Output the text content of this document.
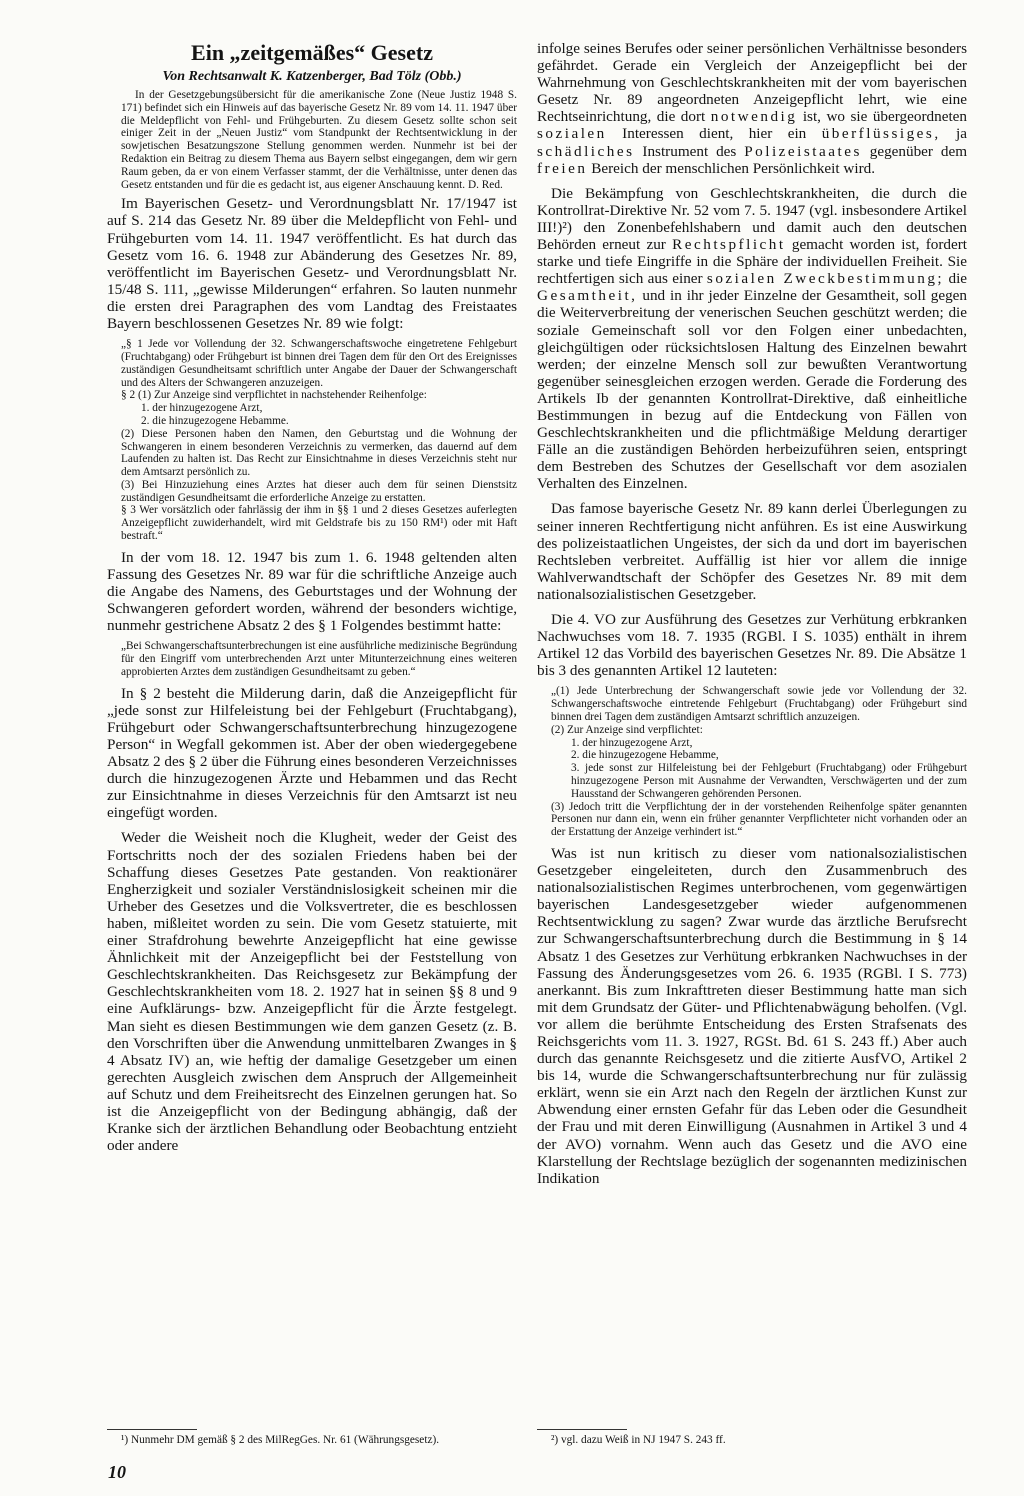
Ein „zeitgemäßes“ Gesetz
Von Rechtsanwalt K. Katzenberger, Bad Tölz (Obb.)

In der Gesetzgebungsübersicht für die amerikanische Zone (Neue Justiz 1948 S. 171) befindet sich ein Hinweis auf das bayerische Gesetz Nr. 89 vom 14. 11. 1947 über die Meldepflicht von Fehl- und Frühgeburten. Zu diesem Gesetz sollte schon seit einiger Zeit in der „Neuen Justiz“ vom Standpunkt der Rechtsentwicklung in der sowjetischen Besatzungszone Stellung genommen werden. Nunmehr ist bei der Redaktion ein Beitrag zu diesem Thema aus Bayern selbst eingegangen, dem wir gern Raum geben, da er von einem Verfasser stammt, der die Verhältnisse, unter denen das Gesetz entstanden und für die es gedacht ist, aus eigener Anschauung kennt. D. Red.

Im Bayerischen Gesetz- und Verordnungsblatt Nr. 17/1947 ist auf S. 214 das Gesetz Nr. 89 über die Meldepflicht von Fehl- und Frühgeburten vom 14. 11. 1947 veröffentlicht. Es hat durch das Gesetz vom 16. 6. 1948 zur Abänderung des Gesetzes Nr. 89, veröffentlicht im Bayerischen Gesetz- und Verordnungsblatt Nr. 15/48 S. 111, „gewisse Milderungen“ erfahren. So lauten nunmehr die ersten drei Paragraphen des vom Landtag des Freistaates Bayern beschlossenen Gesetzes Nr. 89 wie folgt:

„§ 1 Jede vor Vollendung der 32. Schwangerschaftswoche eingetretene Fehlgeburt (Fruchtabgang) oder Frühgeburt ist binnen drei Tagen dem für den Ort des Ereignisses zuständigen Gesundheitsamt schriftlich unter Angabe der Dauer der Schwangerschaft und des Alters der Schwangeren anzuzeigen.

§ 2 (1) Zur Anzeige sind verpflichtet in nachstehender Reihenfolge:

1. der hinzugezogene Arzt,

2. die hinzugezogene Hebamme.

(2) Diese Personen haben den Namen, den Geburtstag und die Wohnung der Schwangeren in einem besonderen Verzeichnis zu vermerken, das dauernd auf dem Laufenden zu halten ist. Das Recht zur Einsichtnahme in dieses Verzeichnis steht nur dem Amtsarzt persönlich zu.

(3) Bei Hinzuziehung eines Arztes hat dieser auch dem für seinen Dienstsitz zuständigen Gesundheitsamt die erforderliche Anzeige zu erstatten.

§ 3 Wer vorsätzlich oder fahrlässig der ihm in §§ 1 und 2 dieses Gesetzes auferlegten Anzeigepflicht zuwiderhandelt, wird mit Geldstrafe bis zu 150 RM¹) oder mit Haft bestraft.“

In der vom 18. 12. 1947 bis zum 1. 6. 1948 geltenden alten Fassung des Gesetzes Nr. 89 war für die schriftliche Anzeige auch die Angabe des Namens, des Geburtstages und der Wohnung der Schwangeren gefordert worden, während der besonders wichtige, nunmehr gestrichene Absatz 2 des § 1 Folgendes bestimmt hatte:

„Bei Schwangerschaftsunterbrechungen ist eine ausführliche medizinische Begründung für den Eingriff vom unterbrechenden Arzt unter Mitunterzeichnung eines weiteren approbierten Arztes dem zuständigen Gesundheitsamt zu geben.“

In § 2 besteht die Milderung darin, daß die Anzeigepflicht für „jede sonst zur Hilfeleistung bei der Fehlgeburt (Fruchtabgang), Frühgeburt oder Schwangerschaftsunterbrechung hinzugezogene Person“ in Wegfall gekommen ist. Aber der oben wiedergegebene Absatz 2 des § 2 über die Führung eines besonderen Verzeichnisses durch die hinzugezogenen Ärzte und Hebammen und das Recht zur Einsichtnahme in dieses Verzeichnis für den Amtsarzt ist neu eingefügt worden.

Weder die Weisheit noch die Klugheit, weder der Geist des Fortschritts noch der des sozialen Friedens haben bei der Schaffung dieses Gesetzes Pate gestanden. Von reaktionärer Engherzigkeit und sozialer Verständnislosigkeit scheinen mir die Urheber des Gesetzes und die Volksvertreter, die es beschlossen haben, mißleitet worden zu sein. Die vom Gesetz statuierte, mit einer Strafdrohung bewehrte Anzeigepflicht hat eine gewisse Ähnlichkeit mit der Anzeigepflicht bei der Feststellung von Geschlechtskrankheiten. Das Reichsgesetz zur Bekämpfung der Geschlechtskrankheiten vom 18. 2. 1927 hat in seinen §§ 8 und 9 eine Aufklärungs- bzw. Anzeigepflicht für die Ärzte festgelegt. Man sieht es diesen Bestimmungen wie dem ganzen Gesetz (z. B. den Vorschriften über die Anwendung unmittelbaren Zwanges in § 4 Absatz IV) an, wie heftig der damalige Gesetzgeber um einen gerechten Ausgleich zwischen dem Anspruch der Allgemeinheit auf Schutz und dem Freiheitsrecht des Einzelnen gerungen hat. So ist die Anzeigepflicht von der Bedingung abhängig, daß der Kranke sich der ärztlichen Behandlung oder Beobachtung entzieht oder andere

infolge seines Berufes oder seiner persönlichen Verhältnisse besonders gefährdet. Gerade ein Vergleich der Anzeigepflicht bei der Wahrnehmung von Geschlechtskrankheiten mit der vom bayerischen Gesetz Nr. 89 angeordneten Anzeigepflicht lehrt, wie eine Rechtseinrichtung, die dort notwendig ist, wo sie übergeordneten sozialen Interessen dient, hier ein überflüssiges, ja schädliches Instrument des Polizeistaates gegenüber dem freien Bereich der menschlichen Persönlichkeit wird.

Die Bekämpfung von Geschlechtskrankheiten, die durch die Kontrollrat-Direktive Nr. 52 vom 7. 5. 1947 (vgl. insbesondere Artikel III!)²) den Zonenbefehlshabern und damit auch den deutschen Behörden erneut zur Rechtspflicht gemacht worden ist, fordert starke und tiefe Eingriffe in die Sphäre der individuellen Freiheit. Sie rechtfertigen sich aus einer sozialen Zweckbestimmung; die Gesamtheit, und in ihr jeder Einzelne der Gesamtheit, soll gegen die Weiterverbreitung der venerischen Seuchen geschützt werden; die soziale Gemeinschaft soll vor den Folgen einer unbedachten, gleichgültigen oder rücksichtslosen Haltung des Einzelnen bewahrt werden; der einzelne Mensch soll zur bewußten Verantwortung gegenüber seinesgleichen erzogen werden. Gerade die Forderung des Artikels Ib der genannten Kontrollrat-Direktive, daß einheitliche Bestimmungen in bezug auf die Entdeckung von Fällen von Geschlechtskrankheiten und die pflichtmäßige Meldung derartiger Fälle an die zuständigen Behörden herbeizuführen seien, entspringt dem Bestreben des Schutzes der Gesellschaft vor dem asozialen Verhalten des Einzelnen.

Das famose bayerische Gesetz Nr. 89 kann derlei Überlegungen zu seiner inneren Rechtfertigung nicht anführen. Es ist eine Auswirkung des polizeistaatlichen Ungeistes, der sich da und dort im bayerischen Rechtsleben verbreitet. Auffällig ist hier vor allem die innige Wahlverwandtschaft der Schöpfer des Gesetzes Nr. 89 mit dem nationalsozialistischen Gesetzgeber.

Die 4. VO zur Ausführung des Gesetzes zur Verhütung erbkranken Nachwuchses vom 18. 7. 1935 (RGBl. I S. 1035) enthält in ihrem Artikel 12 das Vorbild des bayerischen Gesetzes Nr. 89. Die Absätze 1 bis 3 des genannten Artikel 12 lauteten:

„(1) Jede Unterbrechung der Schwangerschaft sowie jede vor Vollendung der 32. Schwangerschaftswoche eintretende Fehlgeburt (Fruchtabgang) oder Frühgeburt sind binnen drei Tagen dem zuständigen Amtsarzt schriftlich anzuzeigen.

(2) Zur Anzeige sind verpflichtet:

1. der hinzugezogene Arzt,

2. die hinzugezogene Hebamme,

3. jede sonst zur Hilfeleistung bei der Fehlgeburt (Fruchtabgang) oder Frühgeburt hinzugezogene Person mit Ausnahme der Verwandten, Verschwägerten und der zum Hausstand der Schwangeren gehörenden Personen.

(3) Jedoch tritt die Verpflichtung der in der vorstehenden Reihenfolge später genannten Personen nur dann ein, wenn ein früher genannter Verpflichteter nicht vorhanden oder an der Erstattung der Anzeige verhindert ist.“

Was ist nun kritisch zu dieser vom nationalsozialistischen Gesetzgeber eingeleiteten, durch den Zusammenbruch des nationalsozialistischen Regimes unterbrochenen, vom gegenwärtigen bayerischen Landesgesetzgeber wieder aufgenommenen Rechtsentwicklung zu sagen? Zwar wurde das ärztliche Berufsrecht zur Schwangerschaftsunterbrechung durch die Bestimmung in § 14 Absatz 1 des Gesetzes zur Verhütung erbkranken Nachwuchses in der Fassung des Änderungsgesetzes vom 26. 6. 1935 (RGBl. I S. 773) anerkannt. Bis zum Inkrafttreten dieser Bestimmung hatte man sich mit dem Grundsatz der Güter- und Pflichtenabwägung beholfen. (Vgl. vor allem die berühmte Entscheidung des Ersten Strafsenats des Reichsgerichts vom 11. 3. 1927, RGSt. Bd. 61 S. 243 ff.) Aber auch durch das genannte Reichsgesetz und die zitierte AusfVO, Artikel 2 bis 14, wurde die Schwangerschaftsunterbrechung nur für zulässig erklärt, wenn sie ein Arzt nach den Regeln der ärztlichen Kunst zur Abwendung einer ernsten Gefahr für das Leben oder die Gesundheit der Frau und mit deren Einwilligung (Ausnahmen in Artikel 3 und 4 der AVO) vornahm. Wenn auch das Gesetz und die AVO eine Klarstellung der Rechtslage bezüglich der sogenannten medizinischen Indikation

¹) Nunmehr DM gemäß § 2 des MilRegGes. Nr. 61 (Währungsgesetz).	²) vgl. dazu Weiß in NJ 1947 S. 243 ff.

10
